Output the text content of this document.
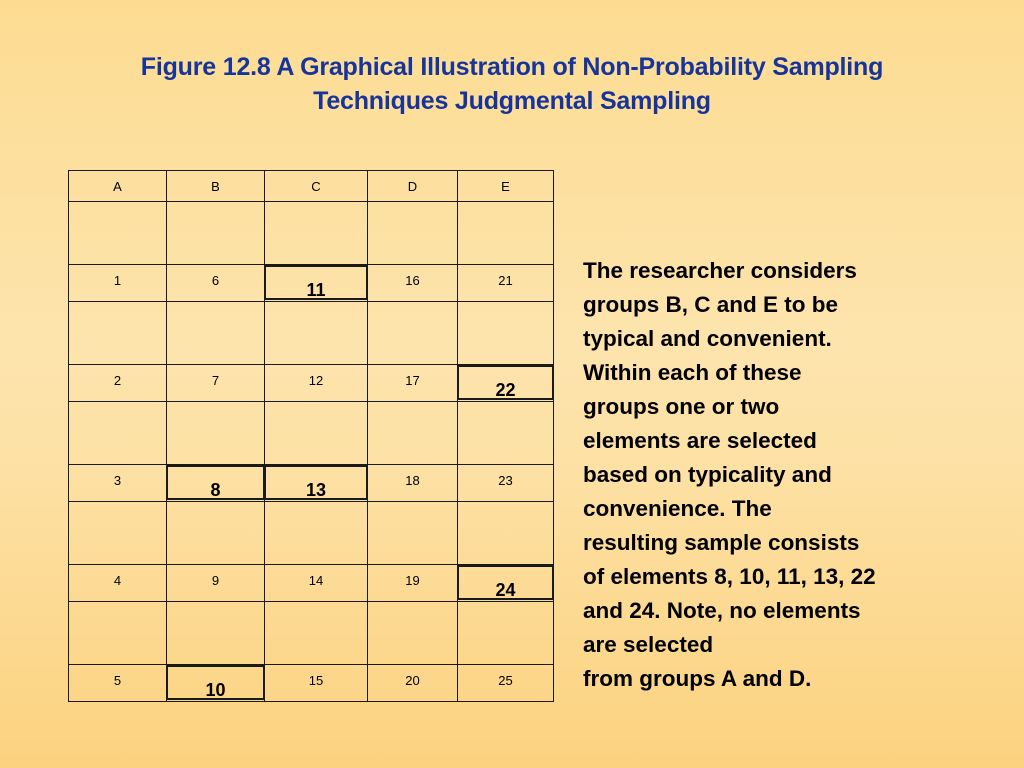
Figure 12.8 A Graphical Illustration of Non-Probability Sampling
Techniques Judgmental Sampling
A	B	C	D	E

1	6	11	16	21

2	7	12	17	22

3	8	13	18	23

4	9	14	19	24

5	10	15	20	25
The researcher considers
groups B, C and E to be
typical and convenient.
Within each of these
groups one or two
elements are selected
based on typicality and
convenience. The
resulting sample consists
of elements 8, 10, 11, 13, 22
and 24. Note, no elements
are selected
from groups A and D.
